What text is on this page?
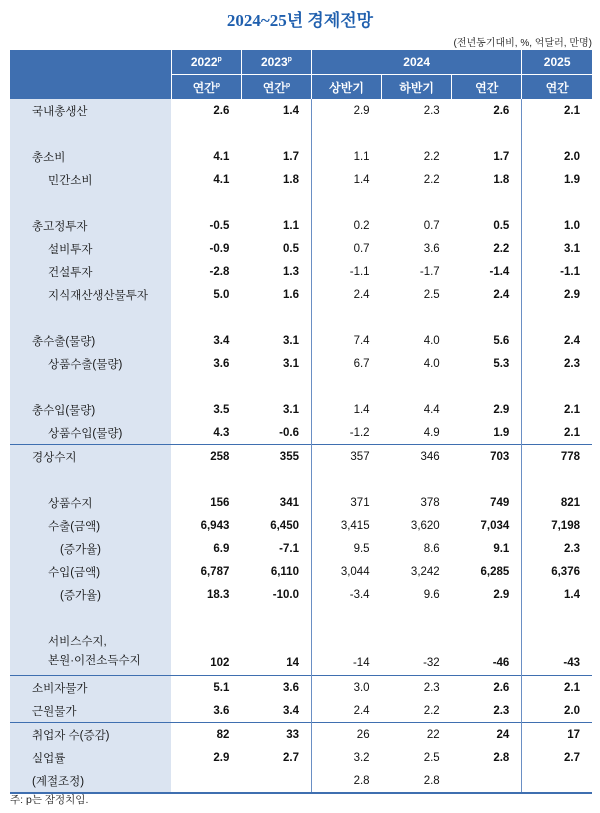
2024~25년 경제전망
(전년동기대비, %, 억달러, 만명)
	2022$^p$	2023$^p$	2024			2025
	연간$^p$	연간$^p$	상반기	하반기	연간	연간
국내총생산	2.6	1.4	2.9	2.3	2.6	2.1

총소비	4.1	1.7	1.1	2.2	1.7	2.0
민간소비	4.1	1.8	1.4	2.2	1.8	1.9

총고정투자	-0.5	1.1	0.2	0.7	0.5	1.0
설비투자	-0.9	0.5	0.7	3.6	2.2	3.1
건설투자	-2.8	1.3	-1.1	-1.7	-1.4	-1.1
지식재산생산물투자	5.0	1.6	2.4	2.5	2.4	2.9

총수출(물량)	3.4	3.1	7.4	4.0	5.6	2.4
상품수출(물량)	3.6	3.1	6.7	4.0	5.3	2.3

총수입(물량)	3.5	3.1	1.4	4.4	2.9	2.1
상품수입(물량)	4.3	-0.6	-1.2	4.9	1.9	2.1
경상수지	258	355	357	346	703	778

상품수지	156	341	371	378	749	821
수출(금액)	6,943	6,450	3,415	3,620	7,034	7,198
(증가율)	6.9	-7.1	9.5	8.6	9.1	2.3
수입(금액)	6,787	6,110	3,044	3,242	6,285	6,376
(증가율)	18.3	-10.0	-3.4	9.6	2.9	1.4

서비스수지,
본원·이전소득수지	102	14	-14	-32	-46	-43
소비자물가	5.1	3.6	3.0	2.3	2.6	2.1
근원물가	3.6	3.4	2.4	2.2	2.3	2.0
취업자 수(증감)	82	33	26	22	24	17
실업률	2.9	2.7	3.2	2.5	2.8	2.7
(계절조정)			2.8	2.8		
주: p는 잠정치임.
